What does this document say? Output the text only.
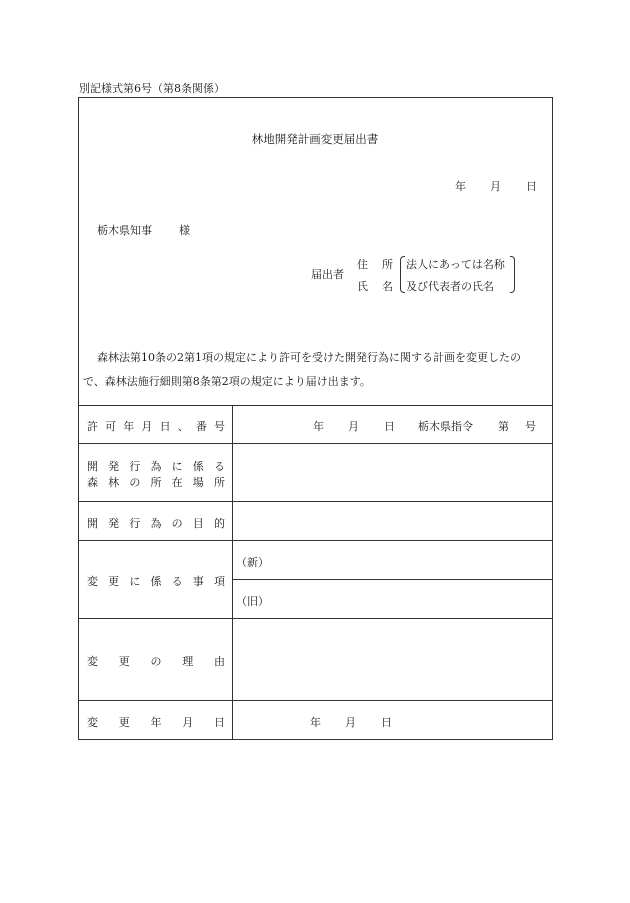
別記様式第6号（第8条関係）
林地開発計画変更届出書
年 月 日
栃木県知事 様
届出者
住 所
氏 名
法人にあっては名称
及び代表者の氏名
森林法第10条の2第1項の規定により許可を受けた開発行為に関する計画を変更したの
で、森林法施行細則第8条第2項の規定により届け出ます。
許 可 年 月 日 、 番 号	年 月 日 栃木県指令 第 号
開 発 行 為 に 係 る
森 林 の 所 在 場 所
開 発 行 為 の 目 的
変 更 に 係 る 事 項
（新）
（旧）
変 更 の 理 由
変 更 年 月 日	年 月 日
